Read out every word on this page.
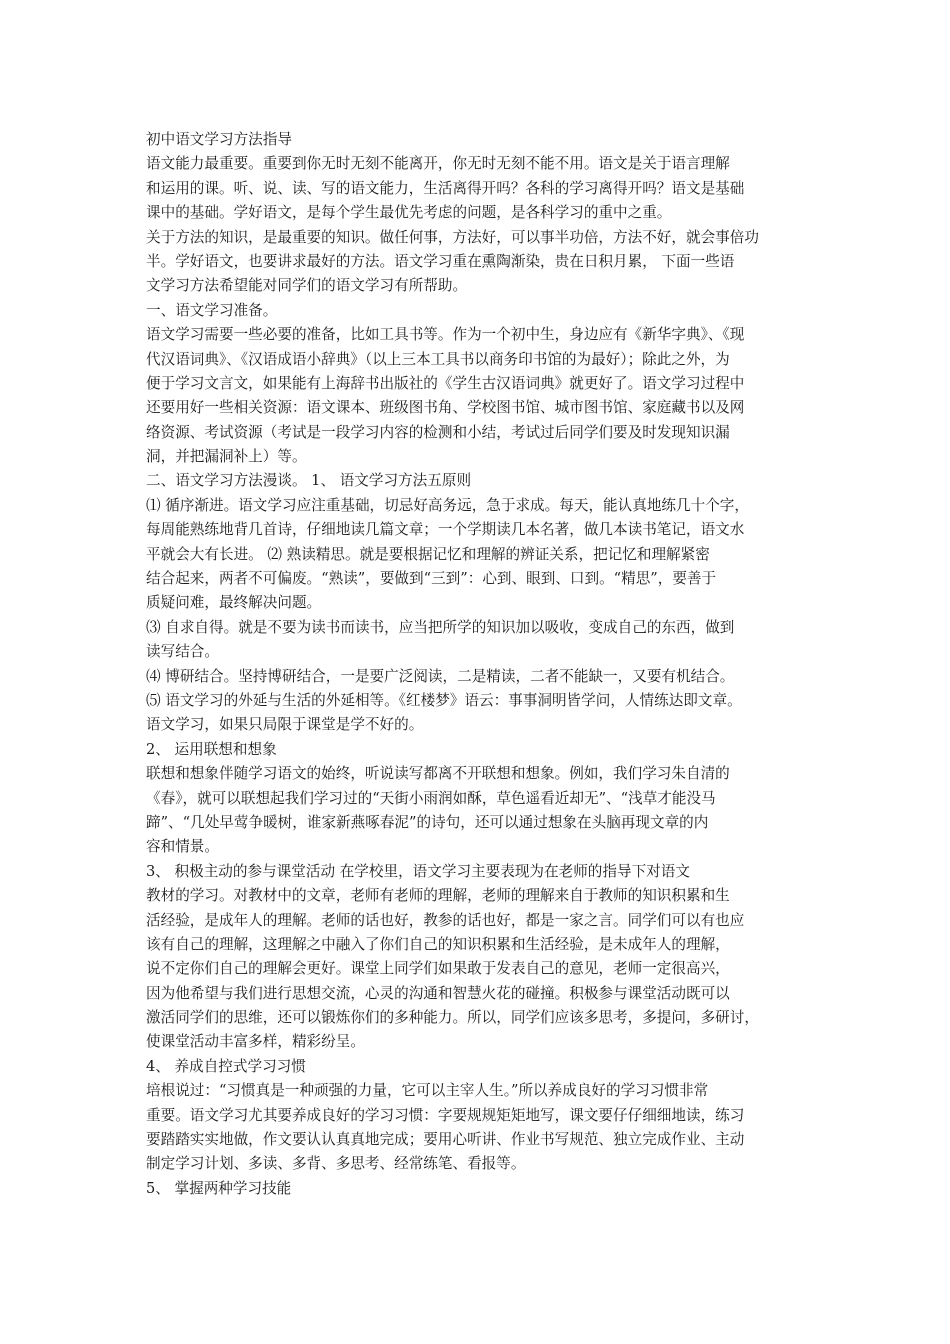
初中语文学习方法指导
语文能力最重要。重要到你无时无刻不能离开，你无时无刻不能不用。语文是关于语言理解
和运用的课。听、说、读、写的语文能力，生活离得开吗？各科的学习离得开吗？语文是基础
课中的基础。学好语文，是每个学生最优先考虑的问题，是各科学习的重中之重。
关于方法的知识，是最重要的知识。做任何事，方法好，可以事半功倍，方法不好，就会事倍功
半。学好语文，也要讲求最好的方法。语文学习重在熏陶渐染，贵在日积月累， 下面一些语
文学习方法希望能对同学们的语文学习有所帮助。
一、语文学习准备。
语文学习需要一些必要的准备，比如工具书等。作为一个初中生，身边应有《新华字典》、《现
代汉语词典》、《汉语成语小辞典》（以上三本工具书以商务印书馆的为最好）；除此之外，为
便于学习文言文，如果能有上海辞书出版社的《学生古汉语词典》就更好了。语文学习过程中
还要用好一些相关资源：语文课本、班级图书角、学校图书馆、城市图书馆、家庭藏书以及网
络资源、考试资源（考试是一段学习内容的检测和小结，考试过后同学们要及时发现知识漏
洞，并把漏洞补上）等。
二、语文学习方法漫谈。 1、 语文学习方法五原则
⑴ 循序渐进。语文学习应注重基础，切忌好高务远，急于求成。每天，能认真地练几十个字，
每周能熟练地背几首诗，仔细地读几篇文章；一个学期读几本名著，做几本读书笔记，语文水
平就会大有长进。 ⑵ 熟读精思。就是要根据记忆和理解的辨证关系，把记忆和理解紧密
结合起来，两者不可偏废。“熟读”，要做到“三到”：心到、眼到、口到。“精思”，要善于
质疑问难，最终解决问题。
⑶ 自求自得。就是不要为读书而读书，应当把所学的知识加以吸收，变成自己的东西，做到
读写结合。
⑷ 博研结合。坚持博研结合，一是要广泛阅读，二是精读，二者不能缺一，又要有机结合。
⑸ 语文学习的外延与生活的外延相等。《红楼梦》语云：事事洞明皆学问，人情练达即文章。
语文学习，如果只局限于课堂是学不好的。
2、 运用联想和想象
联想和想象伴随学习语文的始终，听说读写都离不开联想和想象。例如，我们学习朱自清的
《春》，就可以联想起我们学习过的“天街小雨润如酥，草色遥看近却无”、“浅草才能没马
蹄”、“几处早莺争暖树，谁家新燕啄春泥”的诗句，还可以通过想象在头脑再现文章的内
容和情景。
3、 积极主动的参与课堂活动 在学校里，语文学习主要表现为在老师的指导下对语文
教材的学习。对教材中的文章，老师有老师的理解，老师的理解来自于教师的知识积累和生
活经验，是成年人的理解。老师的话也好，教参的话也好，都是一家之言。同学们可以有也应
该有自己的理解，这理解之中融入了你们自己的知识积累和生活经验，是未成年人的理解，
说不定你们自己的理解会更好。课堂上同学们如果敢于发表自己的意见，老师一定很高兴，
因为他希望与我们进行思想交流，心灵的沟通和智慧火花的碰撞。积极参与课堂活动既可以
激活同学们的思维，还可以锻炼你们的多种能力。所以，同学们应该多思考，多提问，多研讨，
使课堂活动丰富多样，精彩纷呈。
4、 养成自控式学习习惯
培根说过：“习惯真是一种顽强的力量，它可以主宰人生。”所以养成良好的学习习惯非常
重要。语文学习尤其要养成良好的学习习惯：字要规规矩矩地写，课文要仔仔细细地读，练习
要踏踏实实地做，作文要认认真真地完成；要用心听讲、作业书写规范、独立完成作业、主动
制定学习计划、多读、多背、多思考、经常练笔、看报等。
5、 掌握两种学习技能
